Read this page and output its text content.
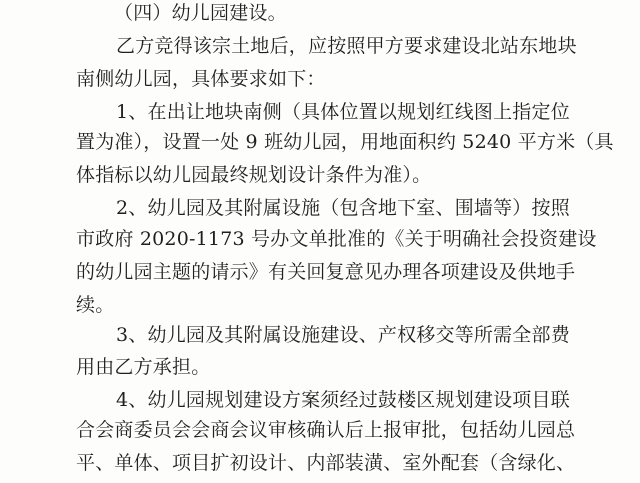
（四）幼儿园建设。
乙方竞得该宗土地后，应按照甲方要求建设北站东地块
南侧幼儿园，具体要求如下：
1、在出让地块南侧（具体位置以规划红线图上指定位
置为准），设置一处 9 班幼儿园，用地面积约 5240 平方米（具
体指标以幼儿园最终规划设计条件为准）。
2、幼儿园及其附属设施（包含地下室、围墙等）按照
市政府 2020-1173 号办文单批准的《关于明确社会投资建设
的幼儿园主题的请示》有关回复意见办理各项建设及供地手
续。
3、幼儿园及其附属设施建设、产权移交等所需全部费
用由乙方承担。
4、幼儿园规划建设方案须经过鼓楼区规划建设项目联
合会商委员会会商会议审核确认后上报审批，包括幼儿园总
平、单体、项目扩初设计、内部装潢、室外配套（含绿化、
